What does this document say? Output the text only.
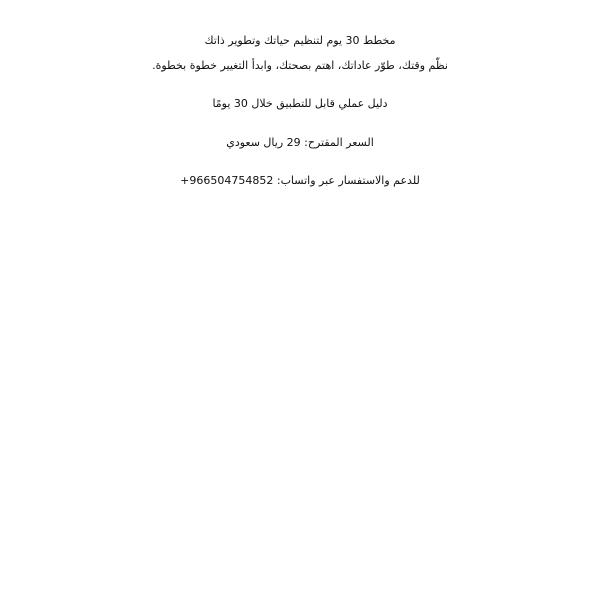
مخطط 30 يوم لتنظيم حياتك وتطوير ذاتك
نظّم وقتك، طوّر عاداتك، اهتم بصحتك، وابدأ التغيير خطوة بخطوة.
دليل عملي قابل للتطبيق خلال 30 يومًا
السعر المقترح: 29 ريال سعودي
للدعم والاستفسار عبر واتساب: +966504754852
